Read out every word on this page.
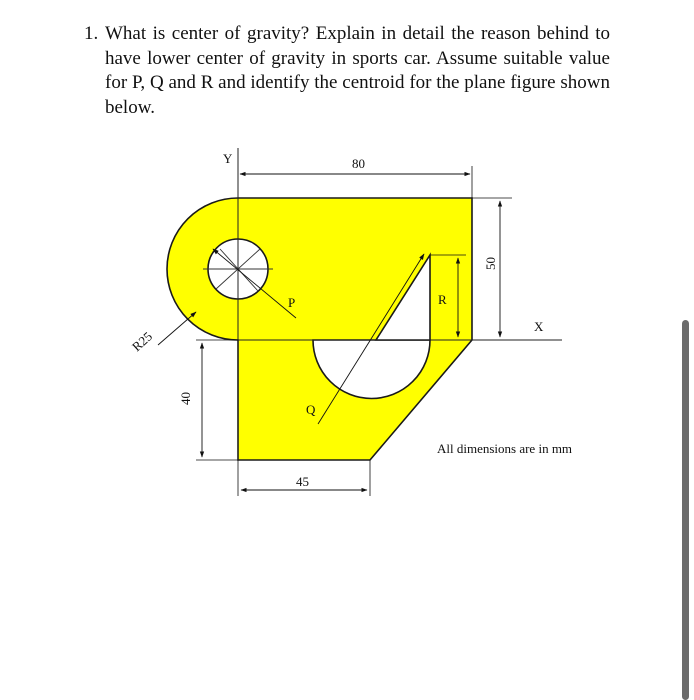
1. What is center of gravity? Explain in detail the reason behind to have lower center of gravity in sports car. Assume suitable value for P, Q and R and identify the centroid for the plane figure shown below.
Y
X
P
R25
Q
R
80
50
40
45
All dimensions are in mm
